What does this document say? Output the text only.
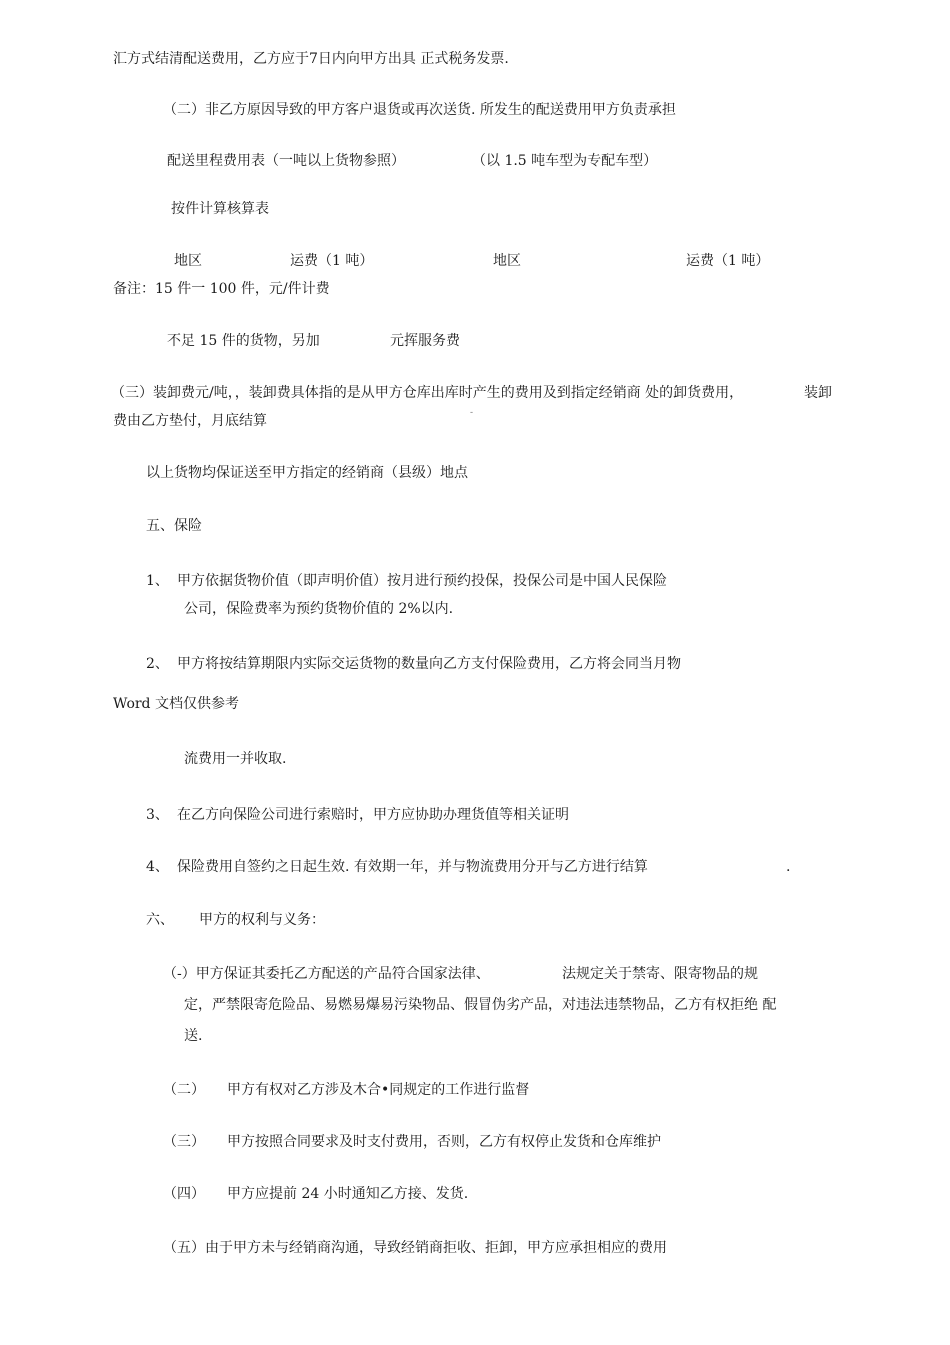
汇方式结清配送费用，乙方应于7日内向甲方出具 正式税务发票.
（二）非乙方原因导致的甲方客户退货或再次送货. 所发生的配送费用甲方负责承担
配送里程费用表（一吨以上货物参照）	（以 1.5 吨车型为专配车型）
按件计算核算表
地区	运费（1 吨）	地区	运费（1 吨）
备注：15 件一 100 件，元/件计费
不足 15 件的货物，另加	元挥服务费
（三）装卸费元/吨，，装卸费具体指的是从甲方仓库出库时产生的费用及到指定经销商 处的卸货费用，	装卸
-
费由乙方垫付，月底结算
以上货物均保证送至甲方指定的经销商（县级）地点
五、保险
1、 甲方依据货物价值（即声明价值）按月进行预约投保，投保公司是中国人民保险
公司，保险费率为预约货物价值的 2%以内.
2、 甲方将按结算期限内实际交运货物的数量向乙方支付保险费用，乙方将会同当月物
Word 文档仅供参考
流费用一并收取.
3、 在乙方向保险公司进行索赔时，甲方应协助办理货值等相关证明
4、 保险费用自签约之日起生效. 有效期一年，并与物流费用分开与乙方进行结算	.
六、 甲方的权利与义务：
（-）甲方保证其委托乙方配送的产品符合国家法律、	法规定关于禁寄、限寄物品的规
定，严禁限寄危险品、易燃易爆易污染物品、假冒伪劣产品，对违法违禁物品，乙方有权拒绝 配
送.
（二） 甲方有权对乙方涉及木合•同规定的工作进行监督
（三） 甲方按照合同要求及时支付费用，否则，乙方有权停止发货和仓库维护
（四） 甲方应提前 24 小时通知乙方接、发货.
（五）由于甲方未与经销商沟通，导致经销商拒收、拒卸，甲方应承担相应的费用
